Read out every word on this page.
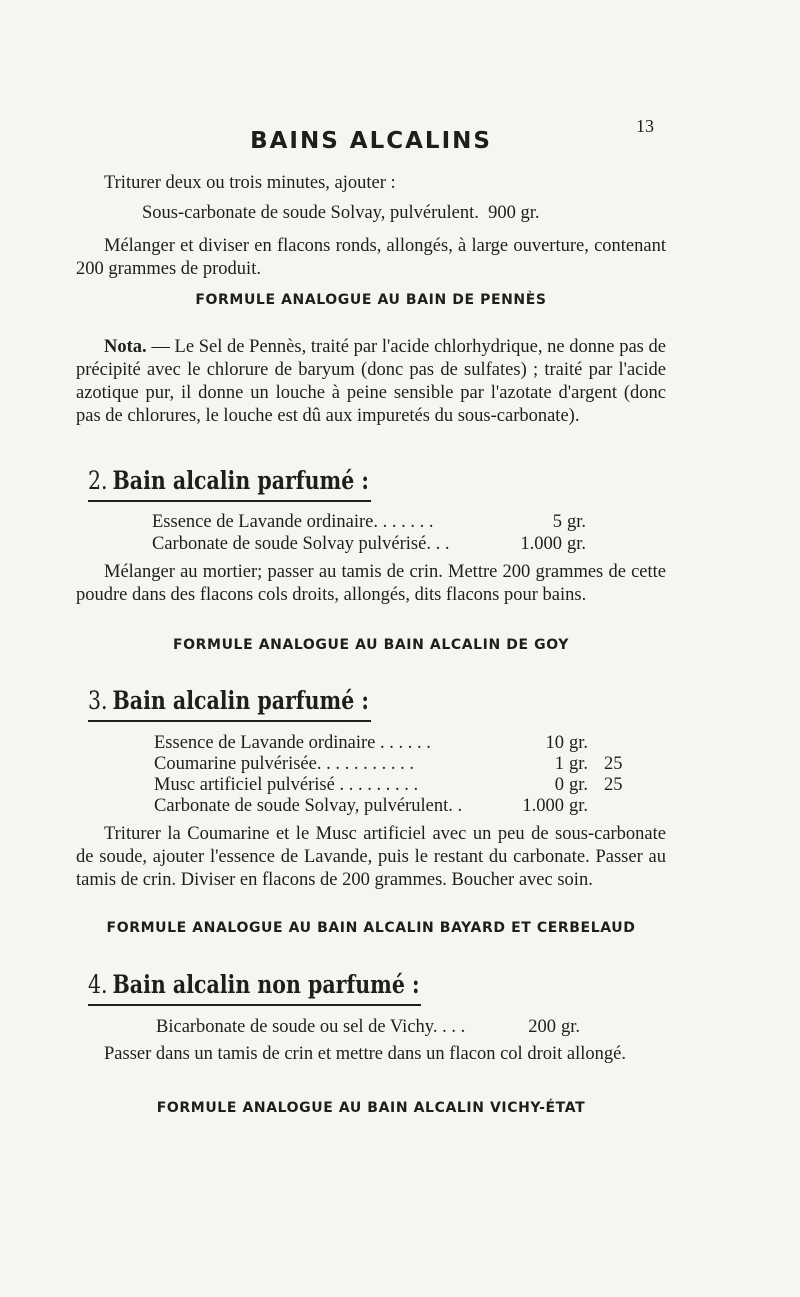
13
BAINS ALCALINS

Triturer deux ou trois minutes, ajouter :

Sous-carbonate de soude Solvay, pulvérulent.  900 gr.

Mélanger et diviser en flacons ronds, allongés, à large ouverture, contenant 200 grammes de produit.

FORMULE ANALOGUE AU BAIN DE PENNÈS

Nota. — Le Sel de Pennès, traité par l'acide chlorhydrique, ne donne pas de précipité avec le chlorure de baryum (donc pas de sulfates) ; traité par l'acide azotique pur, il donne un louche à peine sensible par l'azotate d'argent (donc pas de chlorures, le louche est dû aux impuretés du sous-carbonate).

2. Bain alcalin parfumé :
Essence de Lavande ordinaire. . . . . . .	5 gr.
Carbonate de soude Solvay pulvérisé. . .	1.000 gr.

Mélanger au mortier; passer au tamis de crin. Mettre 200 grammes de cette poudre dans des flacons cols droits, allongés, dits flacons pour bains.

FORMULE ANALOGUE AU BAIN ALCALIN DE GOY

3. Bain alcalin parfumé :
Essence de Lavande ordinaire . . . . . .	10 gr.
Coumarine pulvérisée. . . . . . . . . . .	1 gr. 25
Musc artificiel pulvérisé . . . . . . . . .	0 gr. 25
Carbonate de soude Solvay, pulvérulent. .	1.000 gr.

Triturer la Coumarine et le Musc artificiel avec un peu de sous-carbonate de soude, ajouter l'essence de Lavande, puis le restant du carbonate. Passer au tamis de crin. Diviser en flacons de 200 grammes. Boucher avec soin.

FORMULE ANALOGUE AU BAIN ALCALIN BAYARD ET CERBELAUD

4. Bain alcalin non parfumé :
Bicarbonate de soude ou sel de Vichy. . . .	200 gr.

Passer dans un tamis de crin et mettre dans un flacon col droit allongé.

FORMULE ANALOGUE AU BAIN ALCALIN VICHY-ÉTAT
